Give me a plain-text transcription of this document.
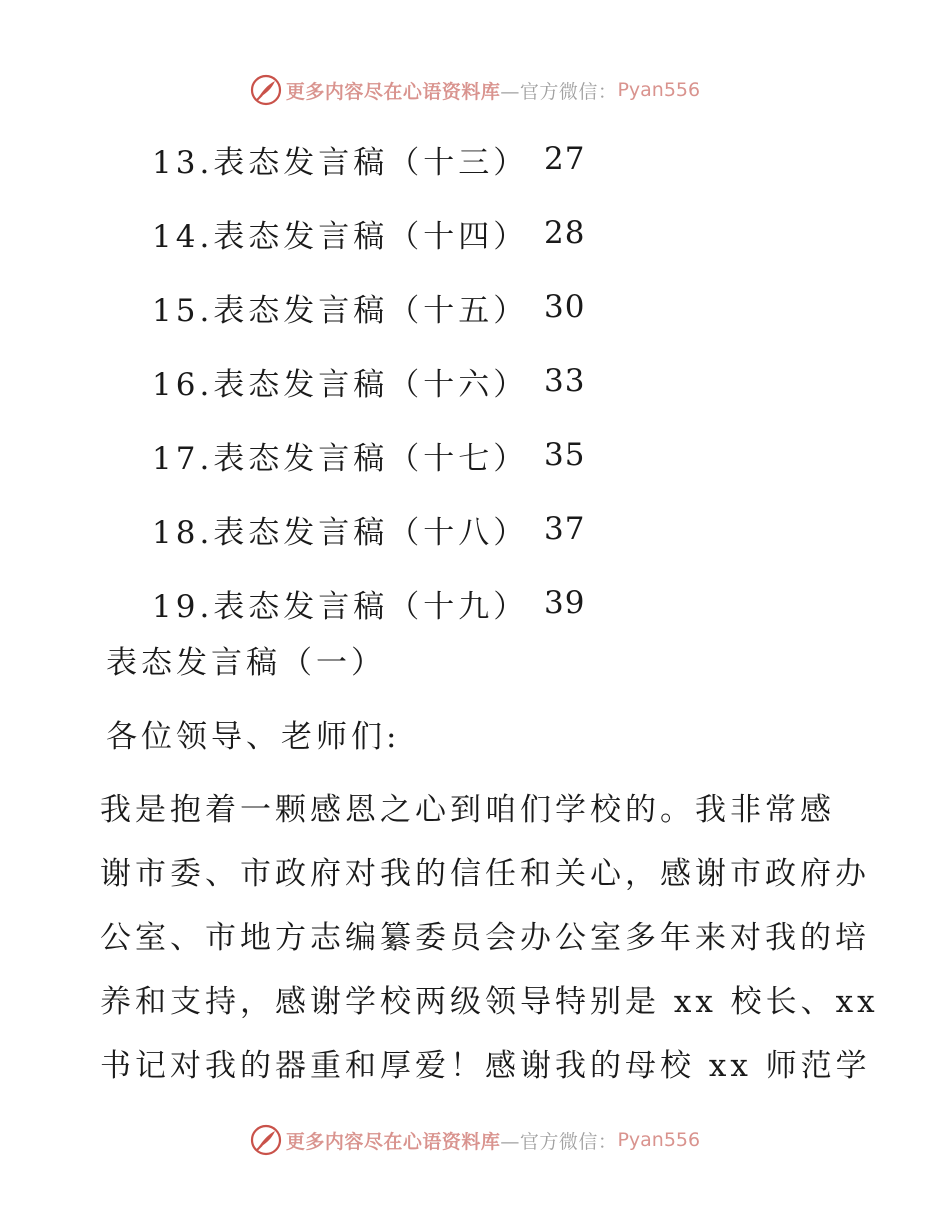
更多内容尽在心语资料库 —官方微信： Pyan556
13.表态发言稿（十三） 27
14.表态发言稿（十四） 28
15.表态发言稿（十五） 30
16.表态发言稿（十六） 33
17.表态发言稿（十七） 35
18.表态发言稿（十八） 37
19.表态发言稿（十九） 39
表态发言稿（一）
各位领导、老师们:
我是抱着一颗感恩之心到咱们学校的。我非常感
谢市委、市政府对我的信任和关心，感谢市政府办
公室、市地方志编纂委员会办公室多年来对我的培
养和支持，感谢学校两级领导特别是 xx 校长、xx
书记对我的器重和厚爱！感谢我的母校 xx 师范学
更多内容尽在心语资料库 —官方微信： Pyan556
